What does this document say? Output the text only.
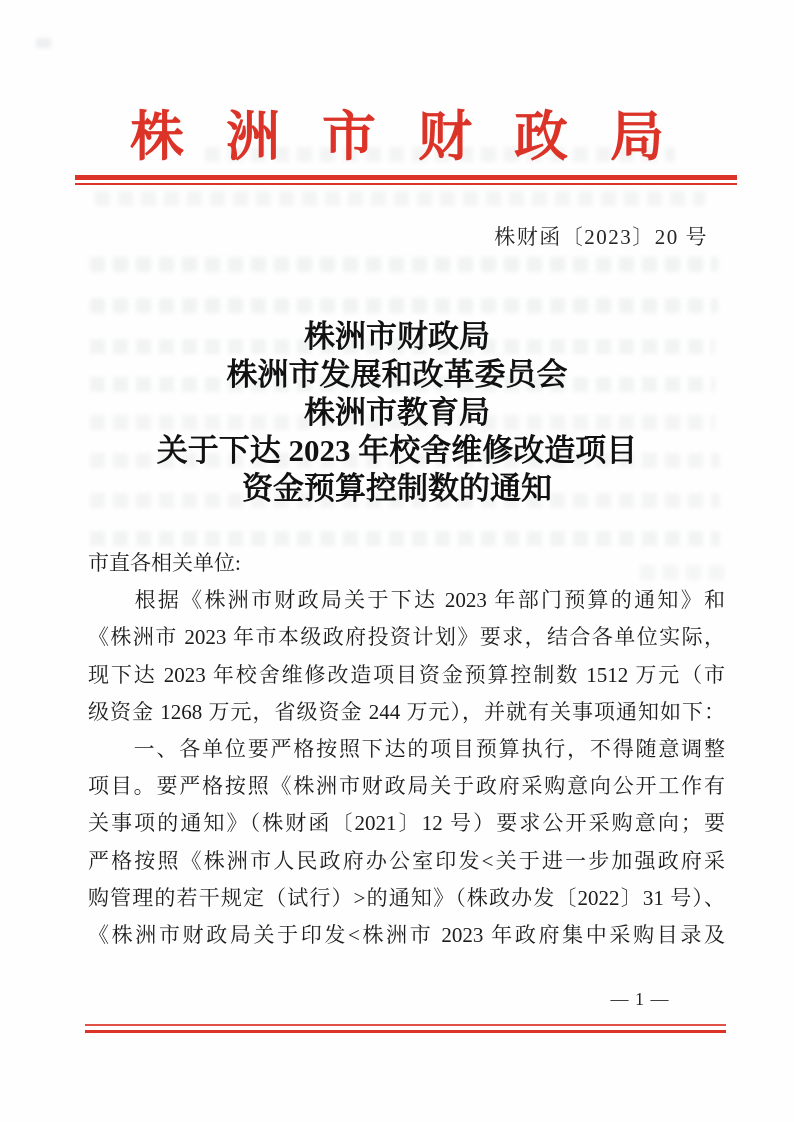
株洲市财政局
株财函〔2023〕20 号
株洲市财政局
株洲市发展和改革委员会
株洲市教育局
关于下达 2023 年校舍维修改造项目
资金预算控制数的通知
市直各相关单位:
　　根据《株洲市财政局关于下达 2023 年部门预算的通知》和
《株洲市 2023 年市本级政府投资计划》要求，结合各单位实际，
现下达 2023 年校舍维修改造项目资金预算控制数 1512 万元（市
级资金 1268 万元，省级资金 244 万元），并就有关事项通知如下：
　　一、各单位要严格按照下达的项目预算执行，不得随意调整
项目。要严格按照《株洲市财政局关于政府采购意向公开工作有
关事项的通知》（株财函〔2021〕12 号）要求公开采购意向；要
严格按照《株洲市人民政府办公室印发<关于进一步加强政府采
购管理的若干规定（试行）>的通知》（株政办发〔2022〕31 号）、
《株洲市财政局关于印发<株洲市 2023 年政府集中采购目录及
— 1 —
